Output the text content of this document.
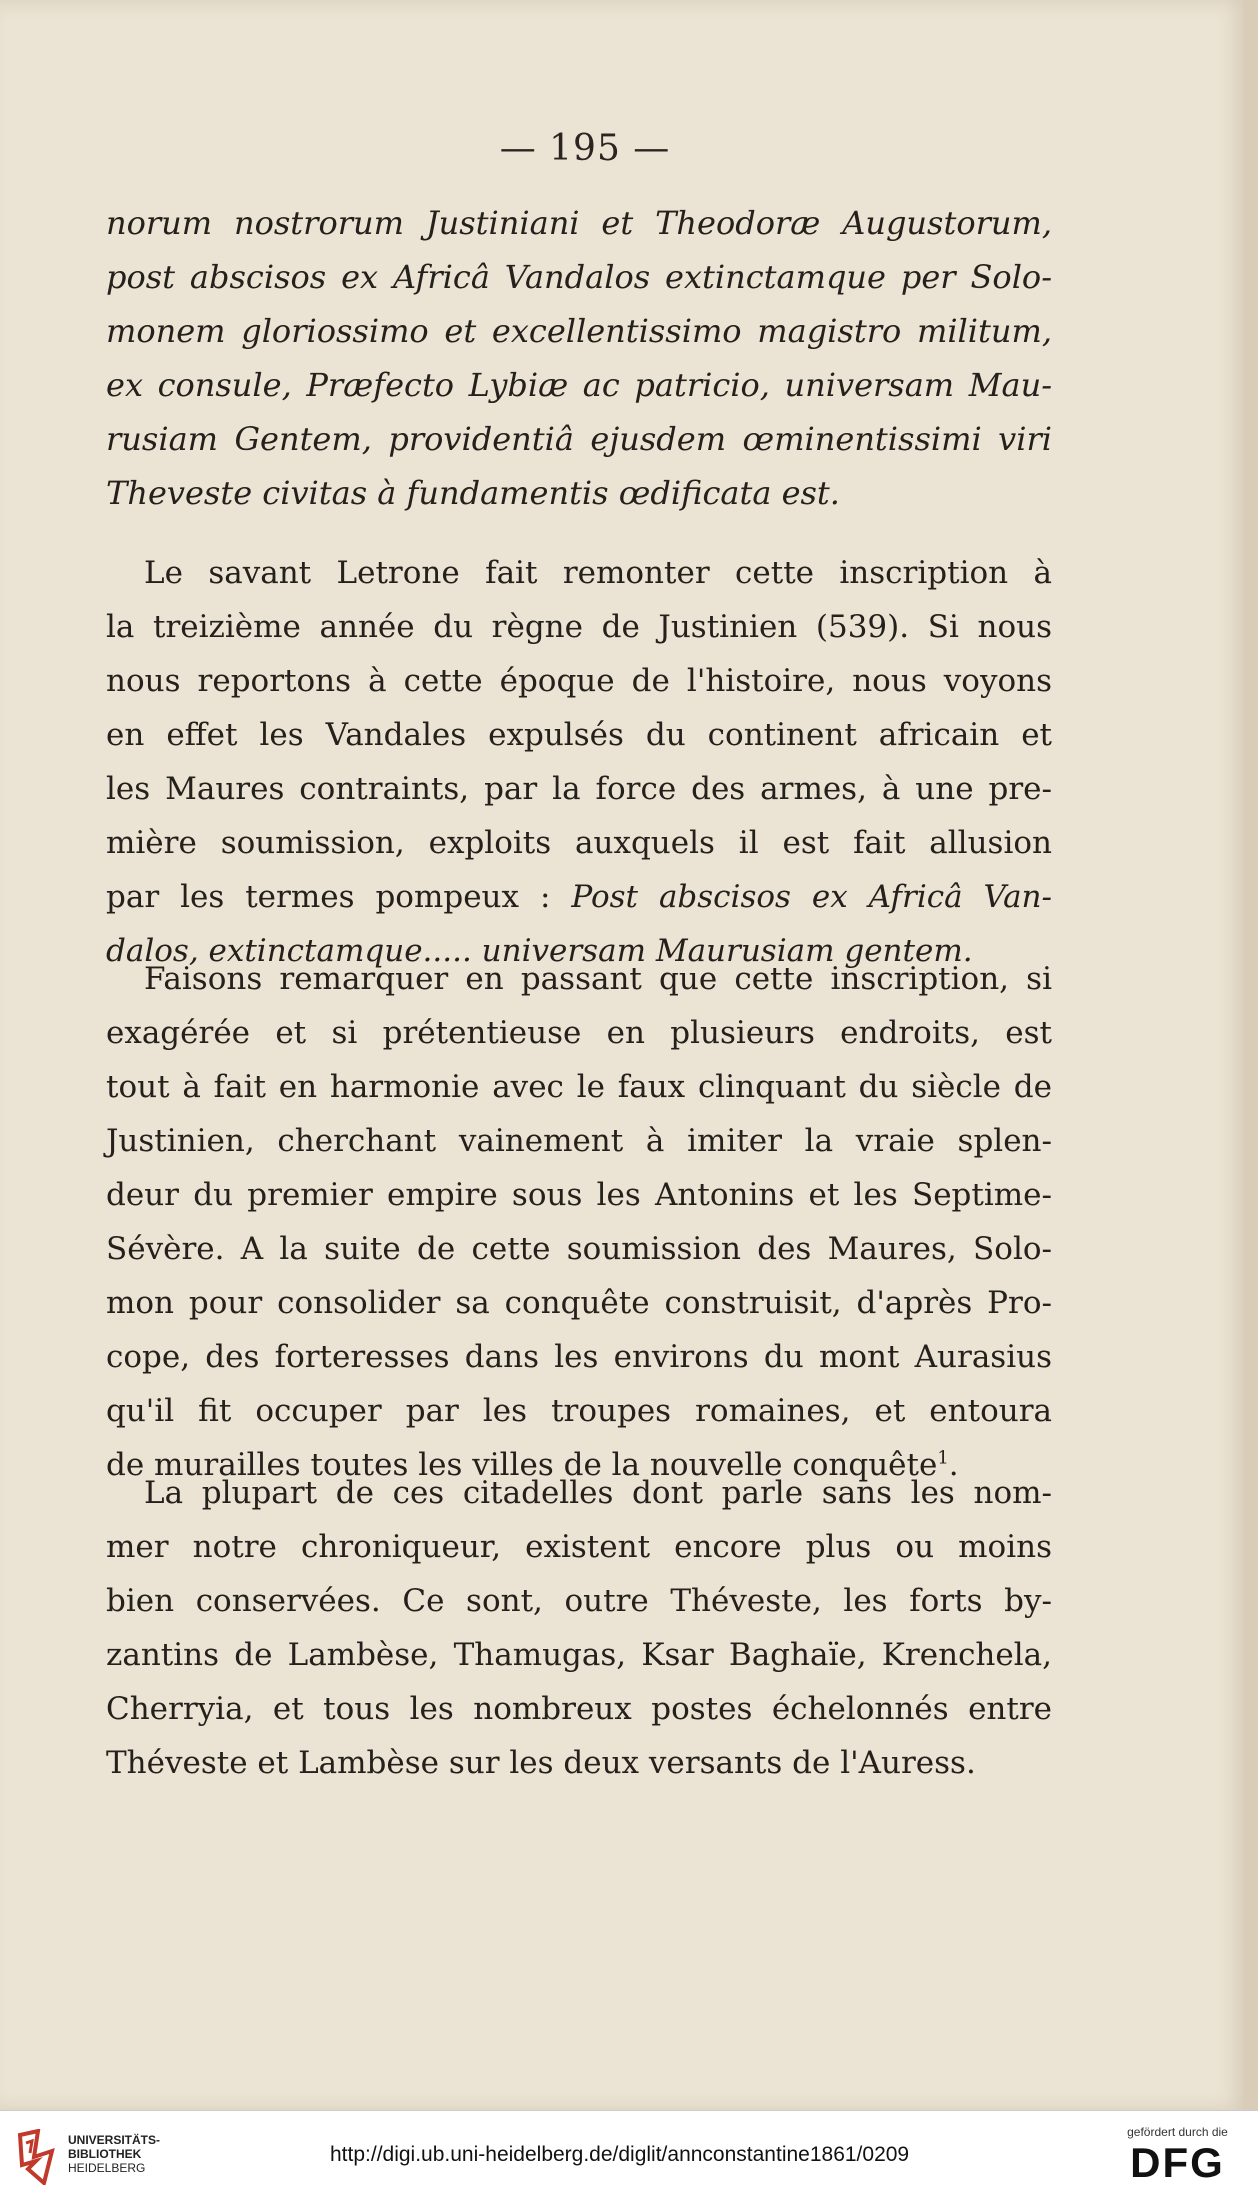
— 195 —
norum nostrorum Justiniani et Theodoræ Augustorum,
post abscisos ex Africâ Vandalos extinctamque per Solo-
monem gloriossimo et excellentissimo magistro militum,
ex consule, Præfecto Lybiæ ac patricio, universam Mau-
rusiam Gentem, providentiâ ejusdem œminentissimi viri
Theveste civitas à fundamentis œdificata est.
Le savant Letrone fait remonter cette inscription à
la treizième année du règne de Justinien (539). Si nous
nous reportons à cette époque de l'histoire, nous voyons
en effet les Vandales expulsés du continent africain et
les Maures contraints, par la force des armes, à une pre-
mière soumission, exploits auxquels il est fait allusion
par les termes pompeux : Post abscisos ex Africâ Van-
dalos, extinctamque..... universam Maurusiam gentem.
Faisons remarquer en passant que cette inscription, si
exagérée et si prétentieuse en plusieurs endroits, est
tout à fait en harmonie avec le faux clinquant du siècle de
Justinien, cherchant vainement à imiter la vraie splen-
deur du premier empire sous les Antonins et les Septime-
Sévère. A la suite de cette soumission des Maures, Solo-
mon pour consolider sa conquête construisit, d'après Pro-
cope, des forteresses dans les environs du mont Aurasius
qu'il fit occuper par les troupes romaines, et entoura
de murailles toutes les villes de la nouvelle conquête$^1$.
La plupart de ces citadelles dont parle sans les nom-
mer notre chroniqueur, existent encore plus ou moins
bien conservées. Ce sont, outre Théveste, les forts by-
zantins de Lambèse, Thamugas, Ksar Baghaïe, Krenchela,
Cherryia, et tous les nombreux postes échelonnés entre
Théveste et Lambèse sur les deux versants de l'Auress.
UNIVERSITÄTS-
BIBLIOTHEK
HEIDELBERG
http://digi.ub.uni-heidelberg.de/diglit/annconstantine1861/0209
gefördert durch die
DFG
